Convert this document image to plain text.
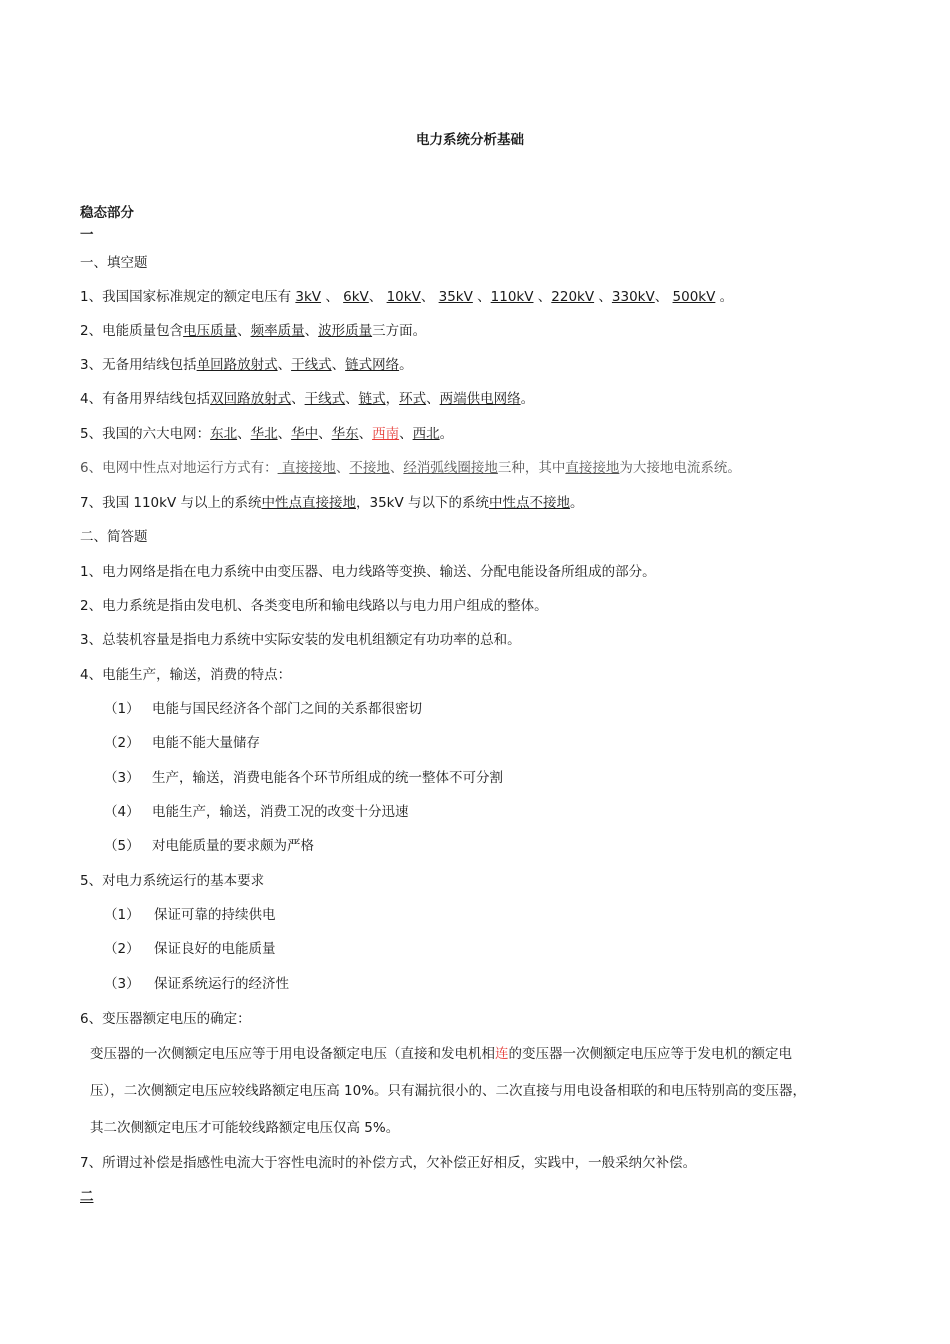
电力系统分析基础
稳态部分
一
一、填空题
1、我国国家标准规定的额定电压有 3kV 、 6kV、 10kV、 35kV 、110kV 、220kV 、330kV、 500kV 。
2、电能质量包含电压质量、频率质量、波形质量三方面。
3、无备用结线包括单回路放射式、干线式、链式网络。
4、有备用界结线包括双回路放射式、干线式、链式，环式、两端供电网络。
5、我国的六大电网：东北、华北、华中、华东、西南、西北。
6、电网中性点对地运行方式有： 直接接地、不接地、经消弧线圈接地三种，其中直接接地为大接地电流系统。
7、我国 110kV 与以上的系统中性点直接接地，35kV 与以下的系统中性点不接地。
二、简答题
1、电力网络是指在电力系统中由变压器、电力线路等变换、输送、分配电能设备所组成的部分。
2、电力系统是指由发电机、各类变电所和输电线路以与电力用户组成的整体。
3、总装机容量是指电力系统中实际安装的发电机组额定有功功率的总和。
4、电能生产，输送，消费的特点：
（1） 电能与国民经济各个部门之间的关系都很密切
（2） 电能不能大量储存
（3） 生产，输送，消费电能各个环节所组成的统一整体不可分割
（4） 电能生产，输送，消费工况的改变十分迅速
（5） 对电能质量的要求颇为严格
5、对电力系统运行的基本要求
（1） 保证可靠的持续供电
（2） 保证良好的电能质量
（3） 保证系统运行的经济性
6、变压器额定电压的确定：
变压器的一次侧额定电压应等于用电设备额定电压（直接和发电机相连的变压器一次侧额定电压应等于发电机的额定电
压），二次侧额定电压应较线路额定电压高 10%。只有漏抗很小的、二次直接与用电设备相联的和电压特别高的变压器，
其二次侧额定电压才可能较线路额定电压仅高 5%。
7、所谓过补偿是指感性电流大于容性电流时的补偿方式，欠补偿正好相反，实践中，一般采纳欠补偿。
二
